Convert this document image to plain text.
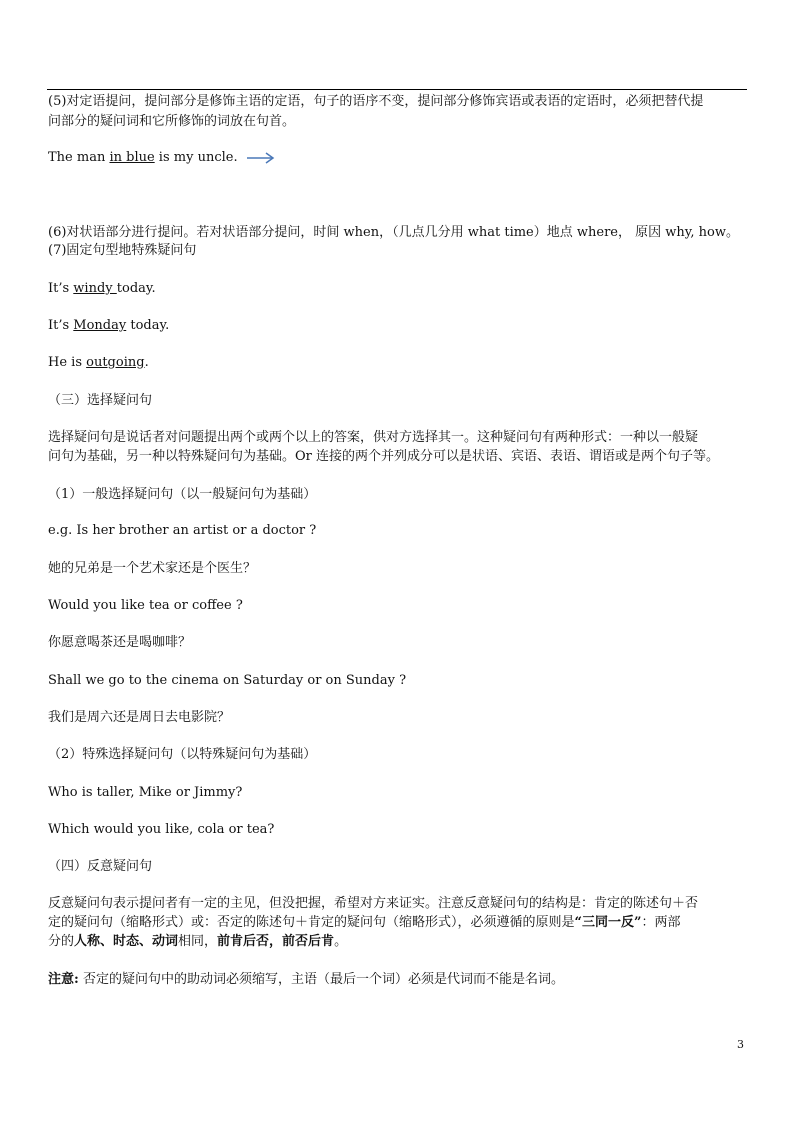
(5)对定语提问，提问部分是修饰主语的定语，句子的语序不变，提问部分修饰宾语或表语的定语时，必须把替代提
问部分的疑问词和它所修饰的词放在句首。
The man in blue is my uncle.
(6)对状语部分进行提问。若对状语部分提问，时间 when，（几点几分用 what time）地点 where， 原因 why, how。
(7)固定句型地特殊疑问句
It’s windy today.
It’s Monday today.
He is outgoing.
（三）选择疑问句
选择疑问句是说话者对问题提出两个或两个以上的答案，供对方选择其一。这种疑问句有两种形式：一种以一般疑
问句为基础，另一种以特殊疑问句为基础。Or 连接的两个并列成分可以是状语、宾语、表语、谓语或是两个句子等。
（1）一般选择疑问句（以一般疑问句为基础）
e.g. Is her brother an artist or a doctor ?
她的兄弟是一个艺术家还是个医生？
Would you like tea or coffee ?
你愿意喝茶还是喝咖啡？
Shall we go to the cinema on Saturday or on Sunday ?
我们是周六还是周日去电影院？
（2）特殊选择疑问句（以特殊疑问句为基础）
Who is taller, Mike or Jimmy?
Which would you like, cola or tea?
（四）反意疑问句
反意疑问句表示提问者有一定的主见，但没把握，希望对方来证实。注意反意疑问句的结构是：肯定的陈述句＋否
定的疑问句（缩略形式）或：否定的陈述句＋肯定的疑问句（缩略形式），必须遵循的原则是“三同一反”：两部
分的人称、时态、动词相同，前肯后否，前否后肯。
注意: 否定的疑问句中的助动词必须缩写，主语（最后一个词）必须是代词而不能是名词。
3
